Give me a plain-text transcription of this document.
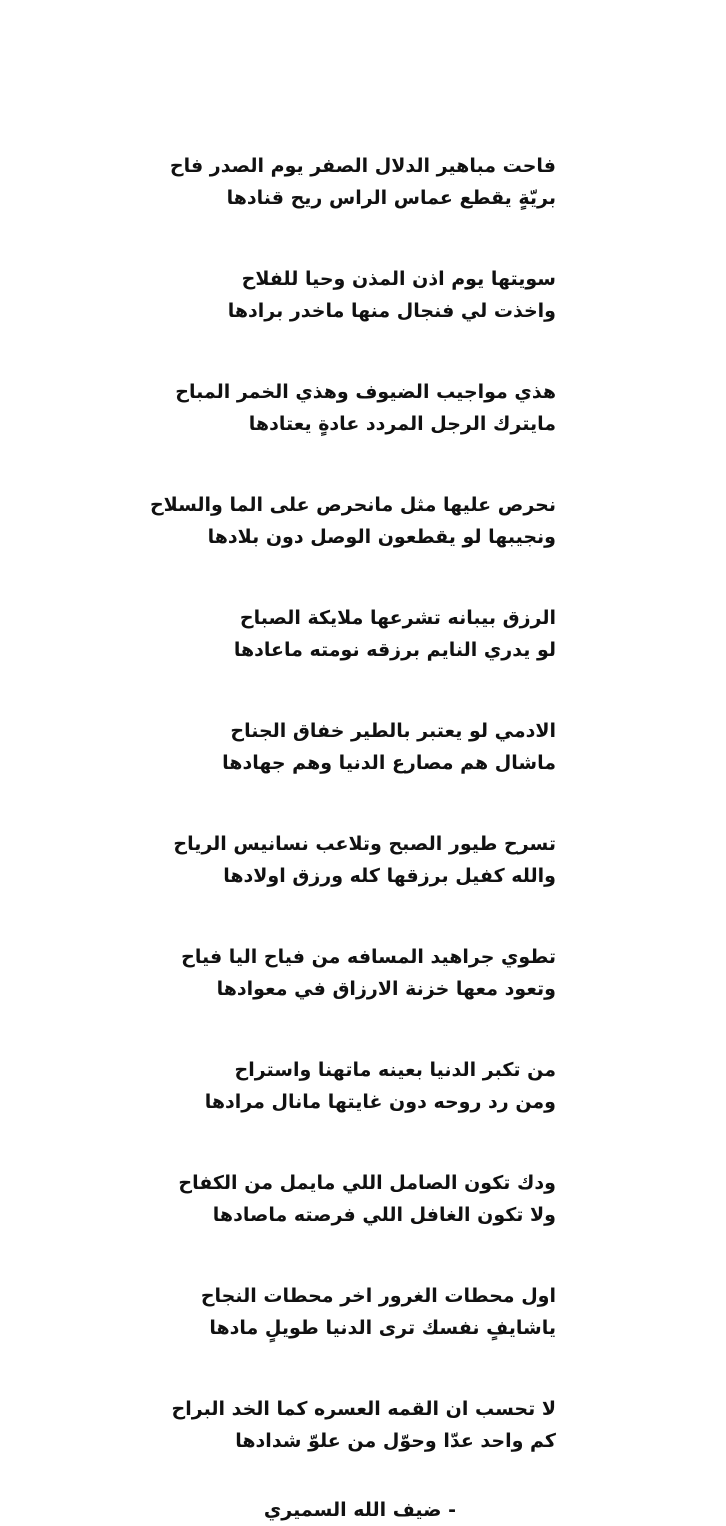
فاحت مباهير الدلال الصفر يوم الصدر فاح
بريّةٍ يقطع عماس الراس ريح قنادها
سويتها يوم اذن المذن وحيا للفلاح
واخذت لي فنجال منها ماخدر برادها
هذي مواجيب الضيوف وهذي الخمر المباح
مايترك الرجل المردد عادةٍ يعتادها
نحرص عليها مثل مانحرص على الما والسلاح
ونجيبها لو يقطعون الوصل دون بلادها
الرزق بيبانه تشرعها ملايكة الصباح
لو يدري النايم برزقه نومته ماعادها
الادمي لو يعتبر بالطير خفاق الجناح
ماشال هم مصارع الدنيا وهم جهادها
تسرح طيور الصبح وتلاعب نسانيس الرياح
والله كفيل برزقها كله ورزق اولادها
تطوي جراهيد المسافه من فياح اليا فياح
وتعود معها خزنة الارزاق في معوادها
من تكبر الدنيا بعينه ماتهنا واستراح
ومن رد روحه دون غايتها مانال مرادها
ودك تكون الصامل اللي مايمل من الكفاح
ولا تكون الغافل اللي فرصته ماصادها
اول محطات الغرور اخر محطات النجاح
ياشايفٍ نفسك ترى الدنيا طويلٍ مادها
لا تحسب ان القمه العسره كما الخد البراح
كم واحد عدّا وحوّل من علوّ شدادها
- ضيف الله السميري
